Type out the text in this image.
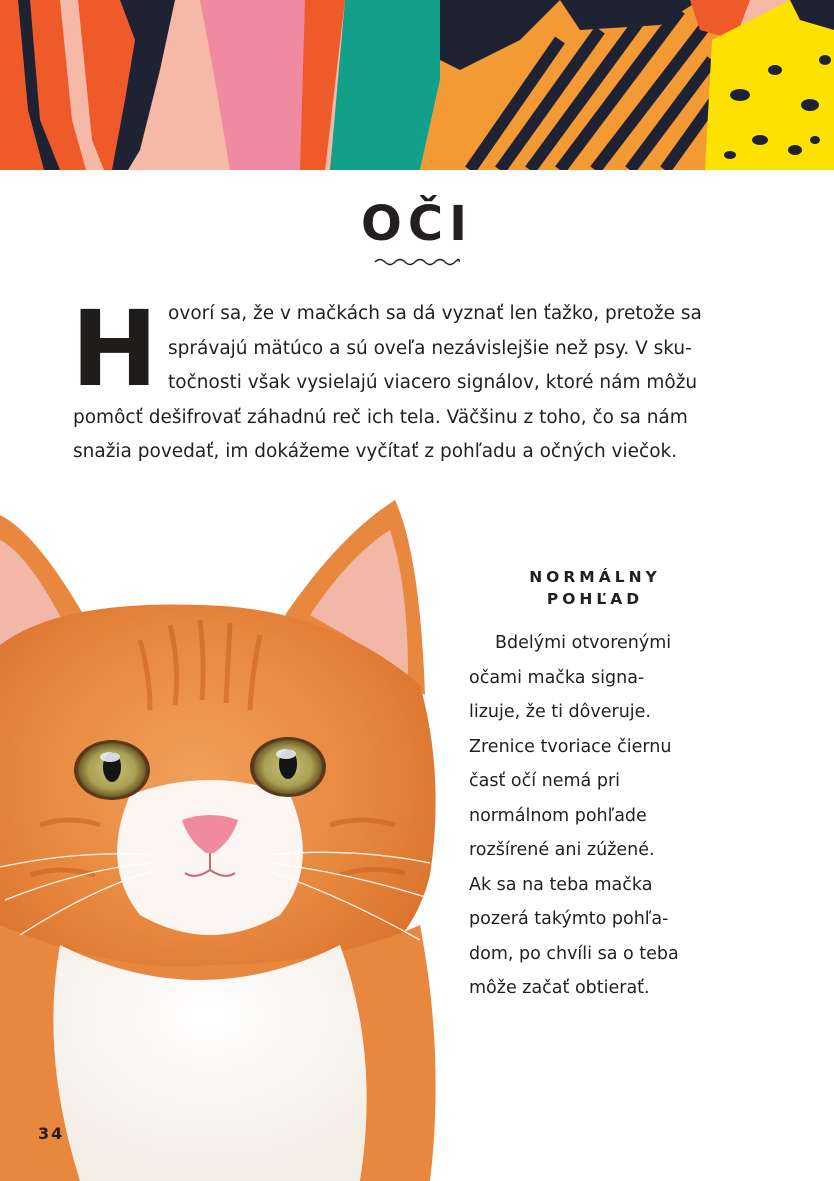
OČI
H ovorí sa, že v mačkách sa dá vyznať len ťažko, pretože sa
správajú mätúco a sú oveľa nezávislejšie než psy. V sku-
točnosti však vysielajú viacero signálov, ktoré nám môžu
pomôcť dešifrovať záhadnú reč ich tela. Väčšinu z toho, čo sa nám
snažia povedať, im dokážeme vyčítať z pohľadu a očných viečok.
NORMÁLNY
POHĽAD
Bdelými otvorenými
očami mačka signa-
lizuje, že ti dôveruje.
Zrenice tvoriace čiernu
časť očí nemá pri
normálnom pohľade
rozšírené ani zúžené.
Ak sa na teba mačka
pozerá takýmto pohľa-
dom, po chvíli sa o teba
môže začať obtierať.
34
